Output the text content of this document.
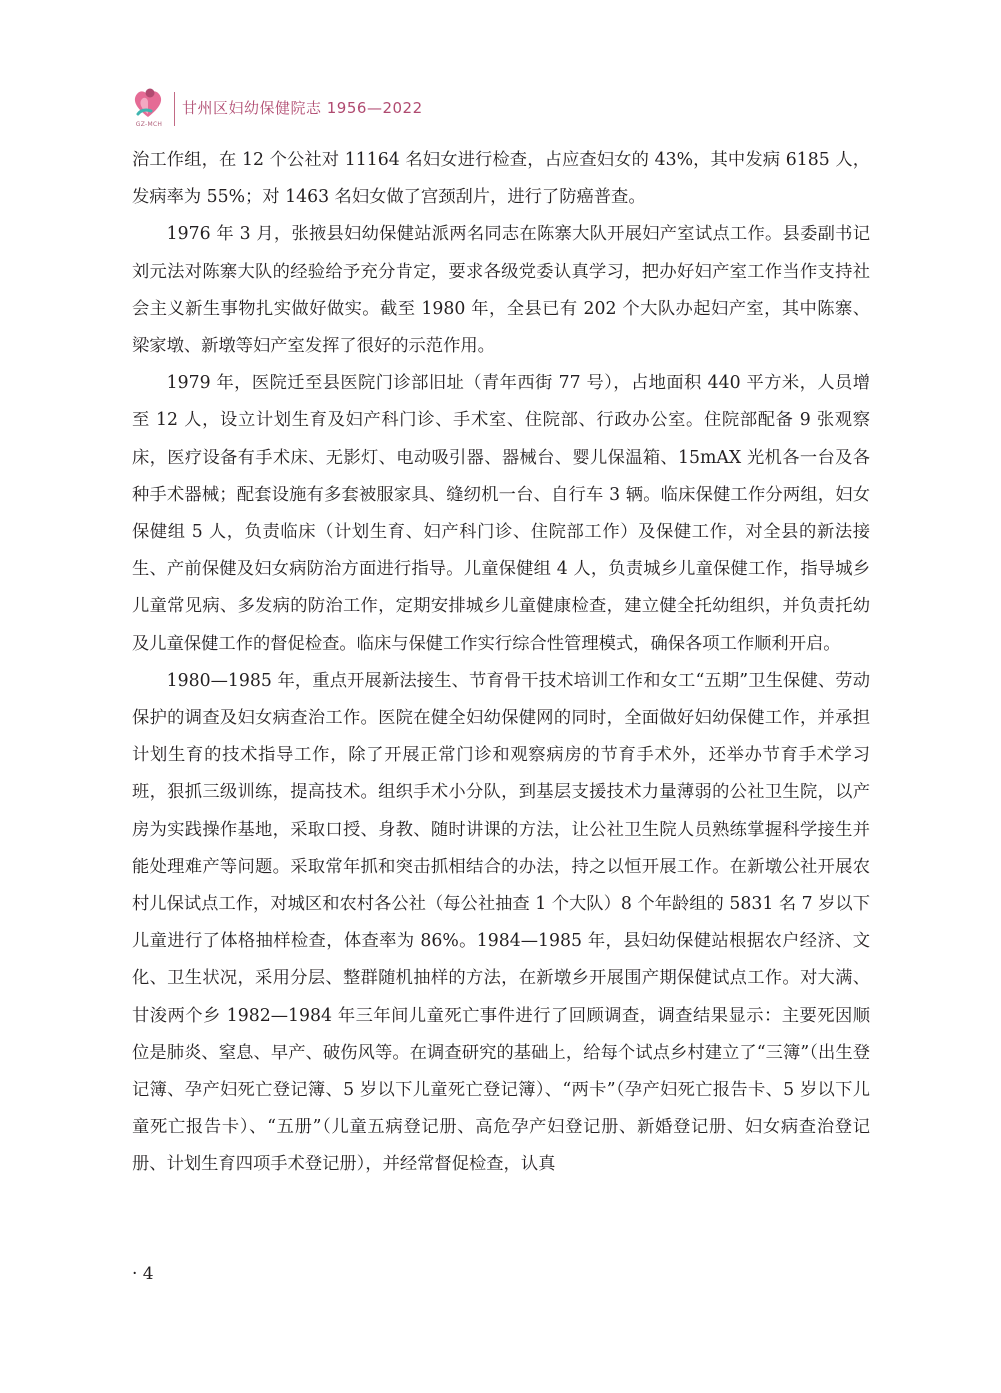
GZ-MCH
甘州区妇幼保健院志 1956—2022

治工作组，在 12 个公社对 11164 名妇女进行检查，占应查妇女的 43%，其中发病 6185 人，发病率为 55%；对 1463 名妇女做了宫颈刮片，进行了防癌普查。

1976 年 3 月，张掖县妇幼保健站派两名同志在陈寨大队开展妇产室试点工作。县委副书记刘元法对陈寨大队的经验给予充分肯定，要求各级党委认真学习，把办好妇产室工作当作支持社会主义新生事物扎实做好做实。截至 1980 年，全县已有 202 个大队办起妇产室，其中陈寨、梁家墩、新墩等妇产室发挥了很好的示范作用。

1979 年，医院迁至县医院门诊部旧址（青年西街 77 号），占地面积 440 平方米，人员增至 12 人，设立计划生育及妇产科门诊、手术室、住院部、行政办公室。住院部配备 9 张观察床，医疗设备有手术床、无影灯、电动吸引器、器械台、婴儿保温箱、15mAX 光机各一台及各种手术器械；配套设施有多套被服家具、缝纫机一台、自行车 3 辆。临床保健工作分两组，妇女保健组 5 人，负责临床（计划生育、妇产科门诊、住院部工作）及保健工作，对全县的新法接生、产前保健及妇女病防治方面进行指导。儿童保健组 4 人，负责城乡儿童保健工作，指导城乡儿童常见病、多发病的防治工作，定期安排城乡儿童健康检查，建立健全托幼组织，并负责托幼及儿童保健工作的督促检查。临床与保健工作实行综合性管理模式，确保各项工作顺利开启。

1980—1985 年，重点开展新法接生、节育骨干技术培训工作和女工“五期”卫生保健、劳动保护的调查及妇女病查治工作。医院在健全妇幼保健网的同时，全面做好妇幼保健工作，并承担计划生育的技术指导工作，除了开展正常门诊和观察病房的节育手术外，还举办节育手术学习班，狠抓三级训练，提高技术。组织手术小分队，到基层支援技术力量薄弱的公社卫生院，以产房为实践操作基地，采取口授、身教、随时讲课的方法，让公社卫生院人员熟练掌握科学接生并能处理难产等问题。采取常年抓和突击抓相结合的办法，持之以恒开展工作。在新墩公社开展农村儿保试点工作，对城区和农村各公社（每公社抽查 1 个大队）8 个年龄组的 5831 名 7 岁以下儿童进行了体格抽样检查，体查率为 86%。1984—1985 年，县妇幼保健站根据农户经济、文化、卫生状况，采用分层、整群随机抽样的方法，在新墩乡开展围产期保健试点工作。对大满、甘浚两个乡 1982—1984 年三年间儿童死亡事件进行了回顾调查，调查结果显示：主要死因顺位是肺炎、窒息、早产、破伤风等。在调查研究的基础上，给每个试点乡村建立了“三簿”（出生登记簿、孕产妇死亡登记簿、5 岁以下儿童死亡登记簿）、“两卡”（孕产妇死亡报告卡、5 岁以下儿童死亡报告卡）、“五册”（儿童五病登记册、高危孕产妇登记册、新婚登记册、妇女病查治登记册、计划生育四项手术登记册），并经常督促检查，认真

· 4
